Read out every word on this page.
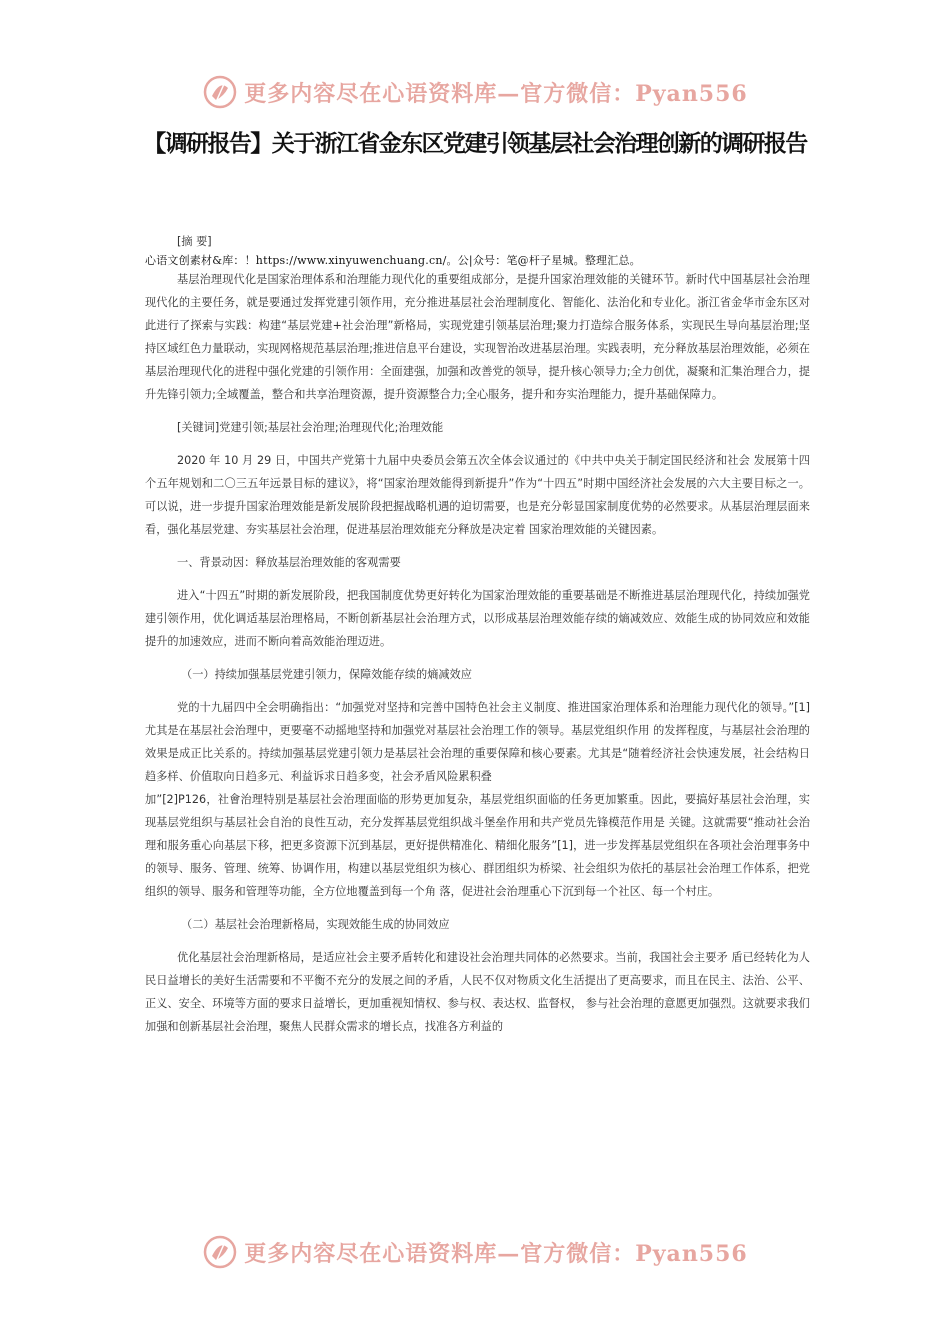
更多内容尽在心语资料库—官方微信：Pyan556
【调研报告】关于浙江省金东区党建引领基层社会治理创新的调研报告

[摘 要]

心语文创素材&库：！https://www.xinyuwenchuang.cn/。公|众号：笔@杆子星城。整理汇总。

基层治理现代化是国家治理体系和治理能力现代化的重要组成部分，是提升国家治理效能的关键环节。新时代中国基层社会治理现代化的主要任务，就是要通过发挥党建引领作用，充分推进基层社会治理制度化、智能化、法治化和专业化。浙江省金华市金东区对此进行了探索与实践：构建“基层党建+社会治理”新格局，实现党建引领基层治理;聚力打造综合服务体系，实现民生导向基层治理;坚持区域红色力量联动，实现网格规范基层治理;推进信息平台建设，实现智治改进基层治理。实践表明，充分释放基层治理效能，必须在基层治理现代化的进程中强化党建的引领作用：全面建强，加强和改善党的领导，提升核心领导力;全力创优，凝聚和汇集治理合力，提升先锋引领力;全域覆盖，整合和共享治理资源，提升资源整合力;全心服务，提升和夯实治理能力，提升基础保障力。

[关键词]党建引领;基层社会治理;治理现代化;治理效能

2020 年 10 月 29 日，中国共产党第十九届中央委员会第五次全体会议通过的《中共中央关于制定国民经济和社会 发展第十四个五年规划和二〇三五年远景目标的建议》，将“国家治理效能得到新提升”作为“十四五”时期中国经济社会发展的六大主要目标之一。可以说，进一步提升国家治理效能是新发展阶段把握战略机遇的迫切需要，也是充分彰显国家制度优势的必然要求。从基层治理层面来看，强化基层党建、夯实基层社会治理，促进基层治理效能充分释放是决定着 国家治理效能的关键因素。

一、背景动因：释放基层治理效能的客观需要

进入“十四五”时期的新发展阶段，把我国制度优势更好转化为国家治理效能的重要基础是不断推进基层治理现代化，持续加强党建引领作用，优化调适基层治理格局，不断创新基层社会治理方式，以形成基层治理效能存续的熵减效应、效能生成的协同效应和效能提升的加速效应，进而不断向着高效能治理迈进。

（一）持续加强基层党建引领力，保障效能存续的熵减效应

党的十九届四中全会明确指出：“加强党对坚持和完善中国特色社会主义制度、推进国家治理体系和治理能力现代化的领导。”[1]尤其是在基层社会治理中，更要毫不动摇地坚持和加强党对基层社会治理工作的领导。基层党组织作用 的发挥程度，与基层社会治理的效果是成正比关系的。持续加强基层党建引领力是基层社会治理的重要保障和核心要素。尤其是“随着经济社会快速发展，社会结构日趋多样、价值取向日趋多元、利益诉求日趋多变，社会矛盾风险累积叠

加”[2]P126，社會治理特别是基层社会治理面临的形势更加复杂，基层党组织面临的任务更加繁重。因此，要搞好基层社会治理，实现基层党组织与基层社会自治的良性互动，充分发挥基层党组织战斗堡垒作用和共产党员先锋模范作用是 关键。这就需要“推动社会治理和服务重心向基层下移，把更多资源下沉到基层，更好提供精准化、精细化服务”[1]，进一步发挥基层党组织在各项社会治理事务中的领导、服务、管理、统筹、协调作用，构建以基层党组织为核心、群团组织为桥梁、社会组织为依托的基层社会治理工作体系，把党组织的领导、服务和管理等功能，全方位地覆盖到每一个角 落，促进社会治理重心下沉到每一个社区、每一个村庄。

（二）基层社会治理新格局，实现效能生成的协同效应

优化基层社会治理新格局，是适应社会主要矛盾转化和建设社会治理共同体的必然要求。当前，我国社会主要矛 盾已经转化为人民日益增长的美好生活需要和不平衡不充分的发展之间的矛盾，人民不仅对物质文化生活提出了更高要求，而且在民主、法治、公平、正义、安全、环境等方面的要求日益增长，更加重视知情权、参与权、表达权、监督权， 参与社会治理的意愿更加强烈。这就要求我们加强和创新基层社会治理，聚焦人民群众需求的增长点，找准各方利益的

更多内容尽在心语资料库—官方微信：Pyan556
